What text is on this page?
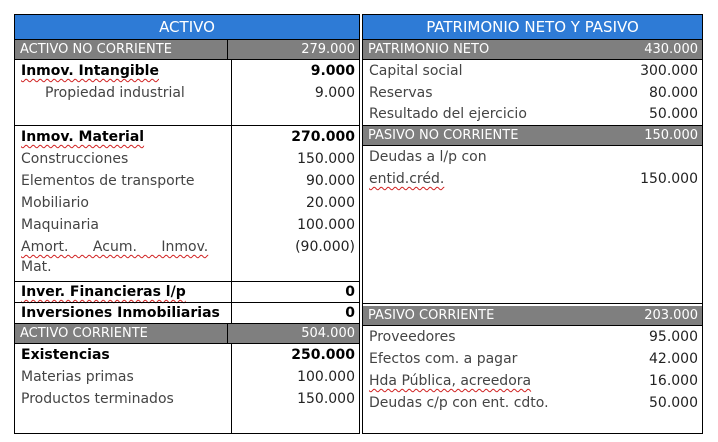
ACTIVO
ACTIVO NO CORRIENTE	279.000
Inmov. Intangible	9.000
Propiedad industrial	9.000
Inmov. Material	270.000
Construcciones	150.000
Elementos de transporte	90.000
Mobiliario	20.000
Maquinaria	100.000
Amort. Acum. Inmov.	(90.000)
Mat.
Inver. Financieras l/p	0
Inversiones Inmobiliarias	0
ACTIVO CORRIENTE	504.000
Existencias	250.000
Materias primas	100.000
Productos terminados	150.000
PATRIMONIO NETO Y PASIVO
PATRIMONIO NETO	430.000
Capital social	300.000
Reservas	80.000
Resultado del ejercicio	50.000
PASIVO NO CORRIENTE	150.000
Deudas a l/p con
entid.créd.	150.000
PASIVO CORRIENTE	203.000
Proveedores	95.000
Efectos com. a pagar	42.000
Hda Pública, acreedora	16.000
Deudas c/p con ent. cdto.	50.000
